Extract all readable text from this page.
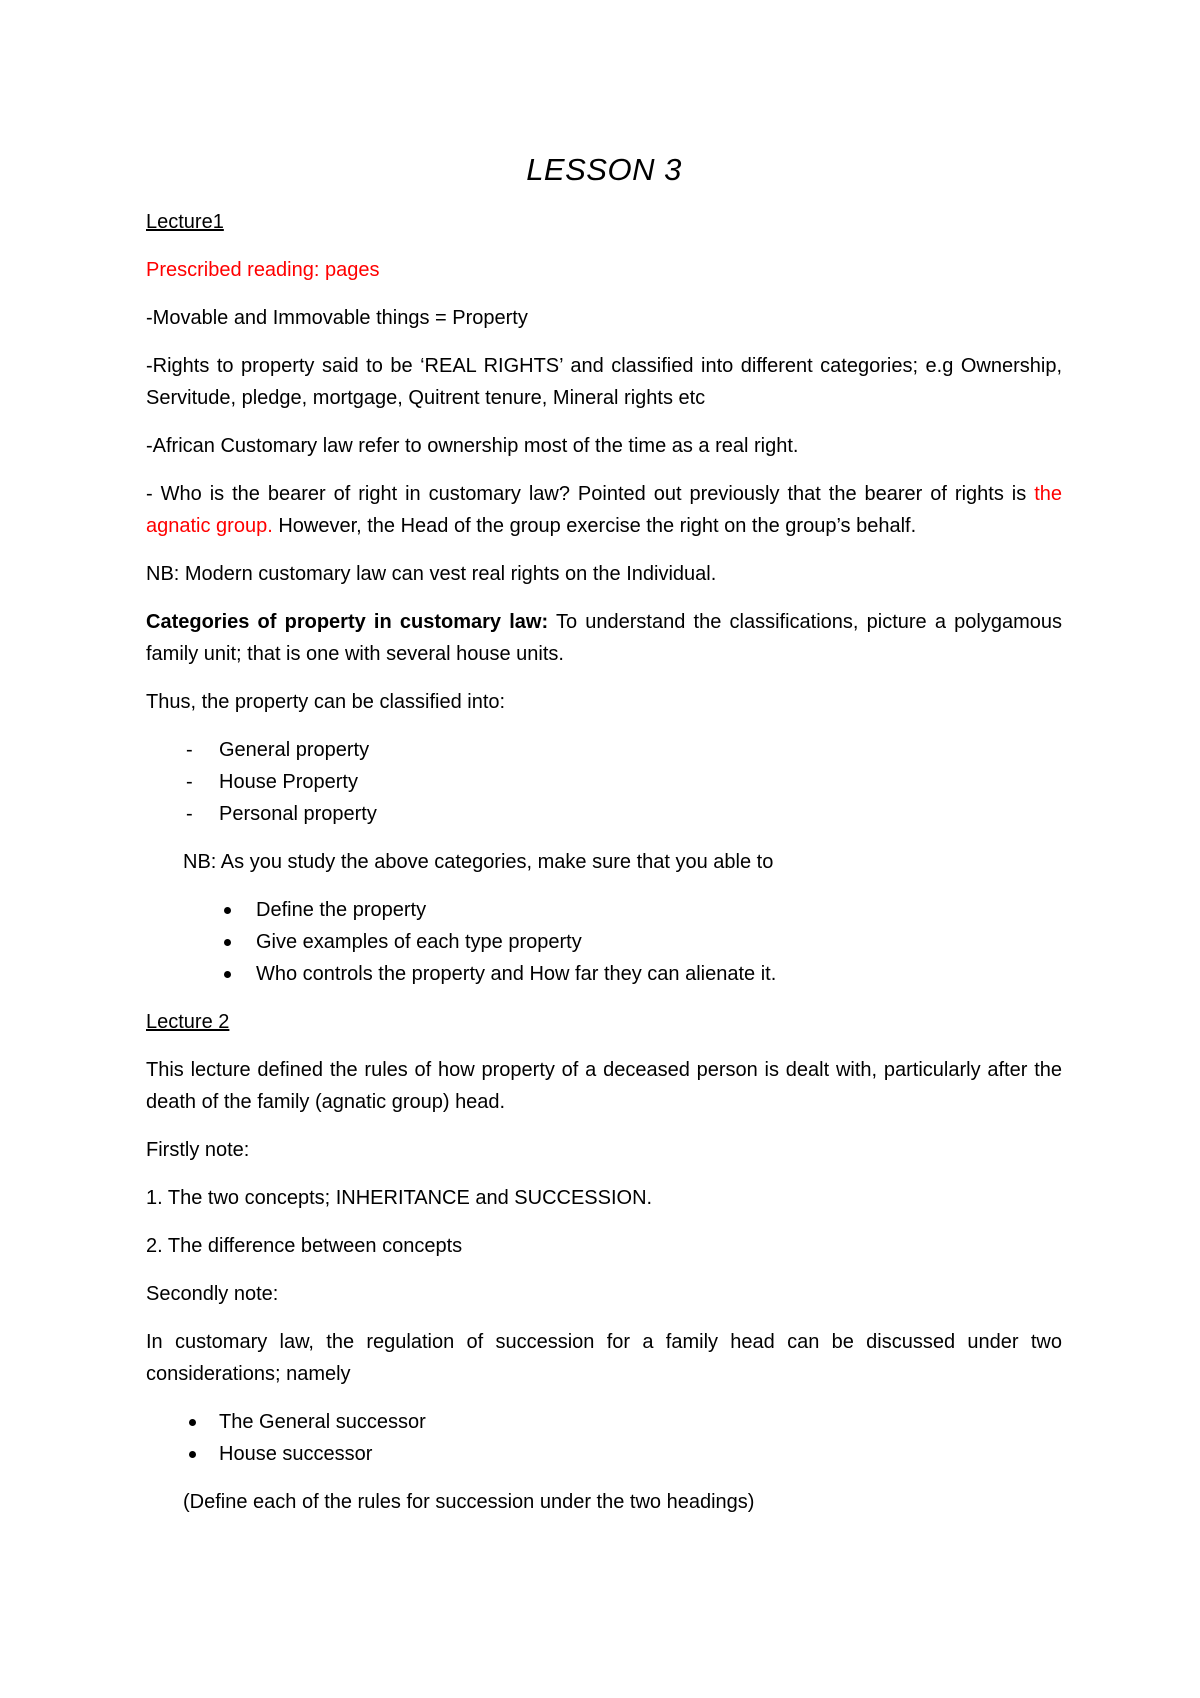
LESSON 3

Lecture1

Prescribed reading: pages

-Movable and Immovable things = Property

-Rights to property said to be ‘REAL RIGHTS’ and classified into different categories; e.g Ownership, Servitude, pledge, mortgage, Quitrent tenure, Mineral rights etc

-African Customary law refer to ownership most of the time as a real right.

- Who is the bearer of right in customary law? Pointed out previously that the bearer of rights is the agnatic group. However, the Head of the group exercise the right on the group’s behalf.

NB: Modern customary law can vest real rights on the Individual.

Categories of property in customary law: To understand the classifications, picture a polygamous family unit; that is one with several house units.

Thus, the property can be classified into:

- General property
- House Property
- Personal property

NB: As you study the above categories, make sure that you able to

Define the property
Give examples of each type property
Who controls the property and How far they can alienate it.

Lecture 2

This lecture defined the rules of how property of a deceased person is dealt with, particularly after the death of the family (agnatic group) head.

Firstly note:

1. The two concepts; INHERITANCE and SUCCESSION.

2. The difference between concepts

Secondly note:

In customary law, the regulation of succession for a family head can be discussed under two considerations; namely

The General successor
House successor

(Define each of the rules for succession under the two headings)
